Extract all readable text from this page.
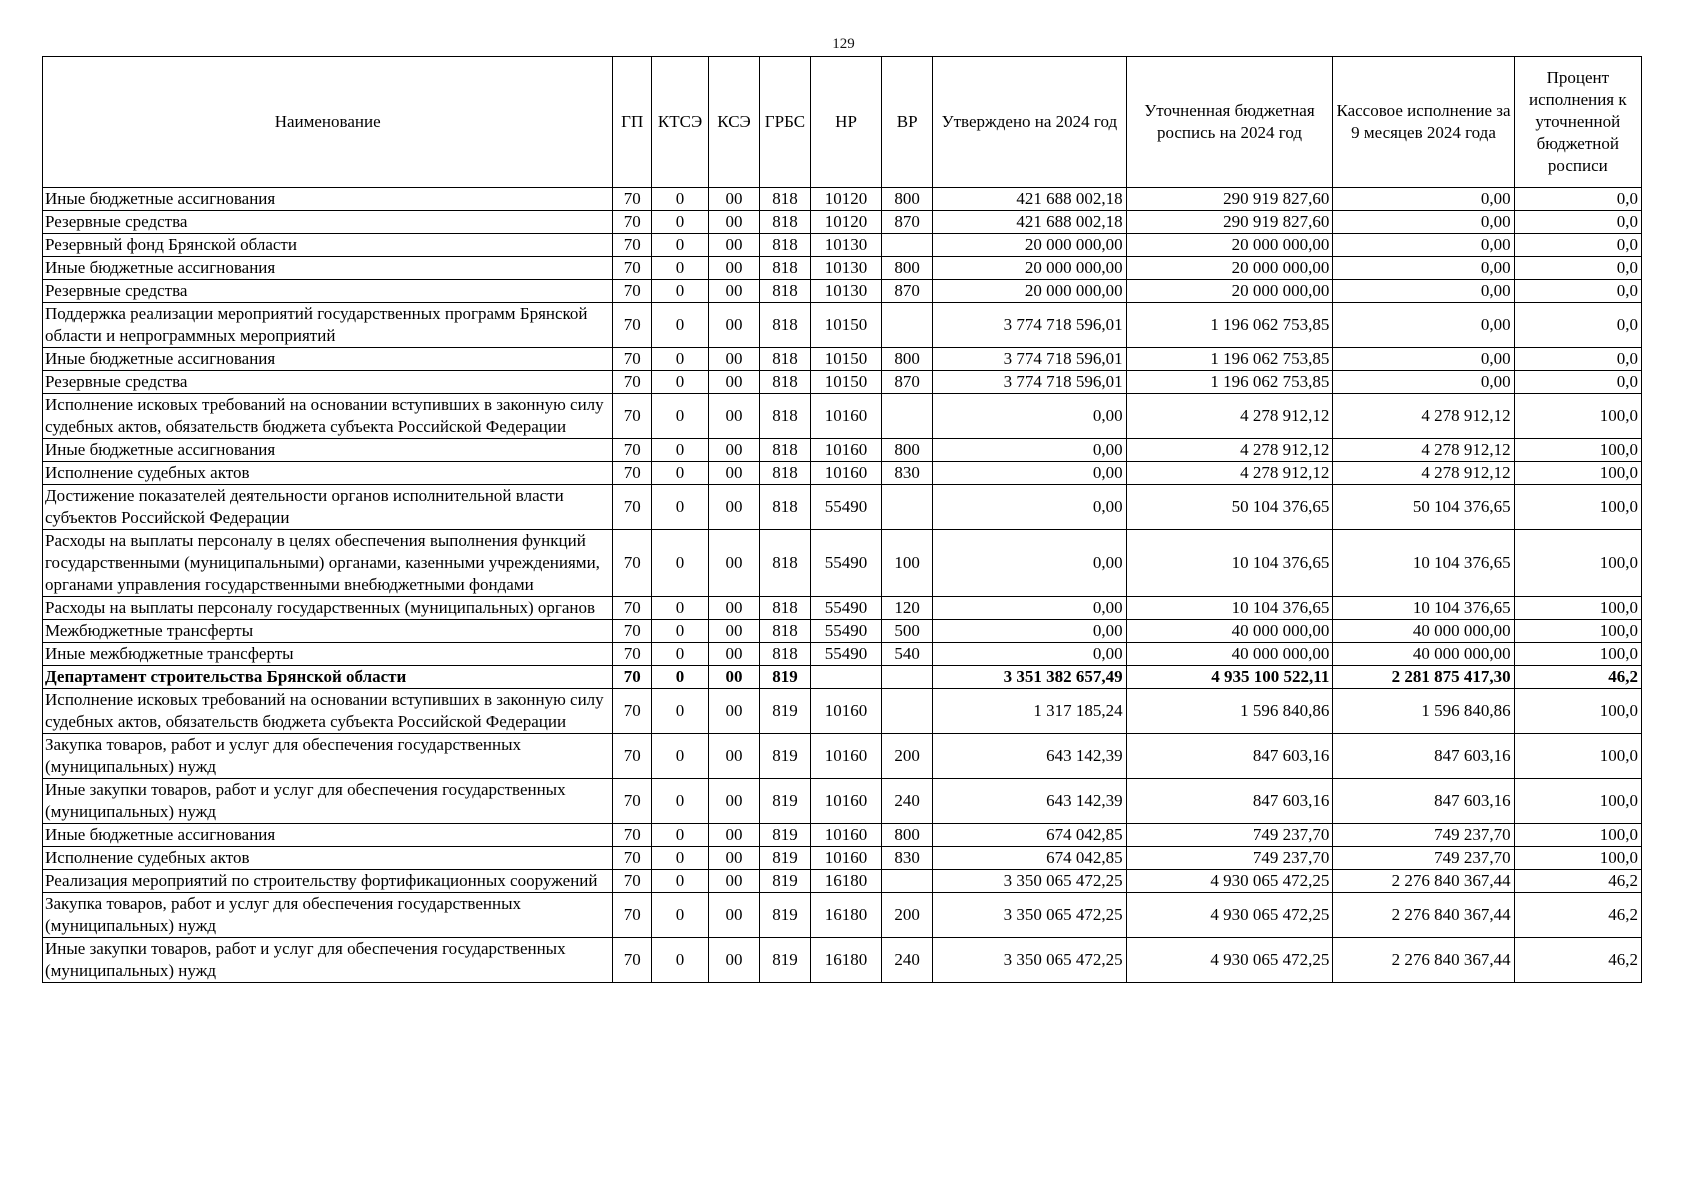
129
Наименование	ГП	КТСЭ	КСЭ	ГРБС	НР	ВР	Утверждено на 2024 год	Уточненная бюджетная роспись на 2024 год	Кассовое исполнение за 9 месяцев 2024 года	Процент исполнения к уточненной бюджетной росписи
Иные бюджетные ассигнования	70	0	00	818	10120	800	421 688 002,18	290 919 827,60	0,00	0,0
Резервные средства	70	0	00	818	10120	870	421 688 002,18	290 919 827,60	0,00	0,0
Резервный фонд Брянской области	70	0	00	818	10130		20 000 000,00	20 000 000,00	0,00	0,0
Иные бюджетные ассигнования	70	0	00	818	10130	800	20 000 000,00	20 000 000,00	0,00	0,0
Резервные средства	70	0	00	818	10130	870	20 000 000,00	20 000 000,00	0,00	0,0
Поддержка реализации мероприятий государственных программ Брянской области и непрограммных мероприятий	70	0	00	818	10150		3 774 718 596,01	1 196 062 753,85	0,00	0,0
Иные бюджетные ассигнования	70	0	00	818	10150	800	3 774 718 596,01	1 196 062 753,85	0,00	0,0
Резервные средства	70	0	00	818	10150	870	3 774 718 596,01	1 196 062 753,85	0,00	0,0
Исполнение исковых требований на основании вступивших в законную силу судебных актов, обязательств бюджета субъекта Российской Федерации	70	0	00	818	10160		0,00	4 278 912,12	4 278 912,12	100,0
Иные бюджетные ассигнования	70	0	00	818	10160	800	0,00	4 278 912,12	4 278 912,12	100,0
Исполнение судебных актов	70	0	00	818	10160	830	0,00	4 278 912,12	4 278 912,12	100,0
Достижение показателей деятельности органов исполнительной власти субъектов Российской Федерации	70	0	00	818	55490		0,00	50 104 376,65	50 104 376,65	100,0
Расходы на выплаты персоналу в целях обеспечения выполнения функций государственными (муниципальными) органами, казенными учреждениями, органами управления государственными внебюджетными фондами	70	0	00	818	55490	100	0,00	10 104 376,65	10 104 376,65	100,0
Расходы на выплаты персоналу государственных (муниципальных) органов	70	0	00	818	55490	120	0,00	10 104 376,65	10 104 376,65	100,0
Межбюджетные трансферты	70	0	00	818	55490	500	0,00	40 000 000,00	40 000 000,00	100,0
Иные межбюджетные трансферты	70	0	00	818	55490	540	0,00	40 000 000,00	40 000 000,00	100,0
Департамент строительства Брянской области	70	0	00	819			3 351 382 657,49	4 935 100 522,11	2 281 875 417,30	46,2
Исполнение исковых требований на основании вступивших в законную силу судебных актов, обязательств бюджета субъекта Российской Федерации	70	0	00	819	10160		1 317 185,24	1 596 840,86	1 596 840,86	100,0
Закупка товаров, работ и услуг для обеспечения государственных (муниципальных) нужд	70	0	00	819	10160	200	643 142,39	847 603,16	847 603,16	100,0
Иные закупки товаров, работ и услуг для обеспечения государственных (муниципальных) нужд	70	0	00	819	10160	240	643 142,39	847 603,16	847 603,16	100,0
Иные бюджетные ассигнования	70	0	00	819	10160	800	674 042,85	749 237,70	749 237,70	100,0
Исполнение судебных актов	70	0	00	819	10160	830	674 042,85	749 237,70	749 237,70	100,0
Реализация мероприятий по строительству фортификационных сооружений	70	0	00	819	16180		3 350 065 472,25	4 930 065 472,25	2 276 840 367,44	46,2
Закупка товаров, работ и услуг для обеспечения государственных (муниципальных) нужд	70	0	00	819	16180	200	3 350 065 472,25	4 930 065 472,25	2 276 840 367,44	46,2
Иные закупки товаров, работ и услуг для обеспечения государственных (муниципальных) нужд	70	0	00	819	16180	240	3 350 065 472,25	4 930 065 472,25	2 276 840 367,44	46,2
